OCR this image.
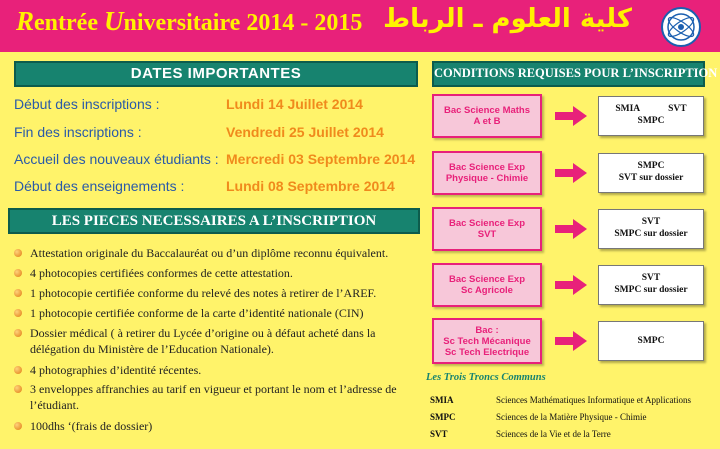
Rentrée Universitaire 2014 - 2015 كلية العلوم ـ الرباط
DATES IMPORTANTES
Début des inscriptions :	Lundi 14 Juillet 2014
Fin des inscriptions :	Vendredi 25 Juillet 2014
Accueil des nouveaux étudiants : Mercredi 03 Septembre 2014
Début des enseignements :	Lundi 08 Septembre 2014
LES PIECES NECESSAIRES A L’INSCRIPTION
Attestation originale du Baccalauréat ou d’un diplôme reconnu équivalent.
4 photocopies certifiées conformes de cette attestation.
1 photocopie certifiée conforme du relevé des notes à retirer de l’AREF.
1 photocopie certifiée conforme de la carte d’identité nationale (CIN)
Dossier médical ( à retirer du Lycée d’origine ou à défaut acheté dans la délégation du Ministère de l’Education Nationale).
4 photographies d’identité récentes.
3 enveloppes affranchies au tarif en vigueur et portant le nom et l’adresse de l’étudiant.
100dhs ‘(frais de dossier)
CONDITIONS REQUISES POUR L’INSCRIPTION
Bac Science Maths
A et B
SMIA            SVT
SMPC
Bac Science Exp
Physique - Chimie
SMPC
SVT sur dossier
Bac Science Exp
SVT
SVT
SMPC sur dossier
Bac Science Exp
Sc Agricole
SVT
SMPC sur dossier
Bac :
Sc Tech Mécanique
Sc Tech Electrique
SMPC
Les Trois Troncs Communs
SMIA	Sciences Mathématiques Informatique et Applications
SMPC	Sciences de la Matière Physique - Chimie
SVT	Sciences de la Vie et de la Terre
